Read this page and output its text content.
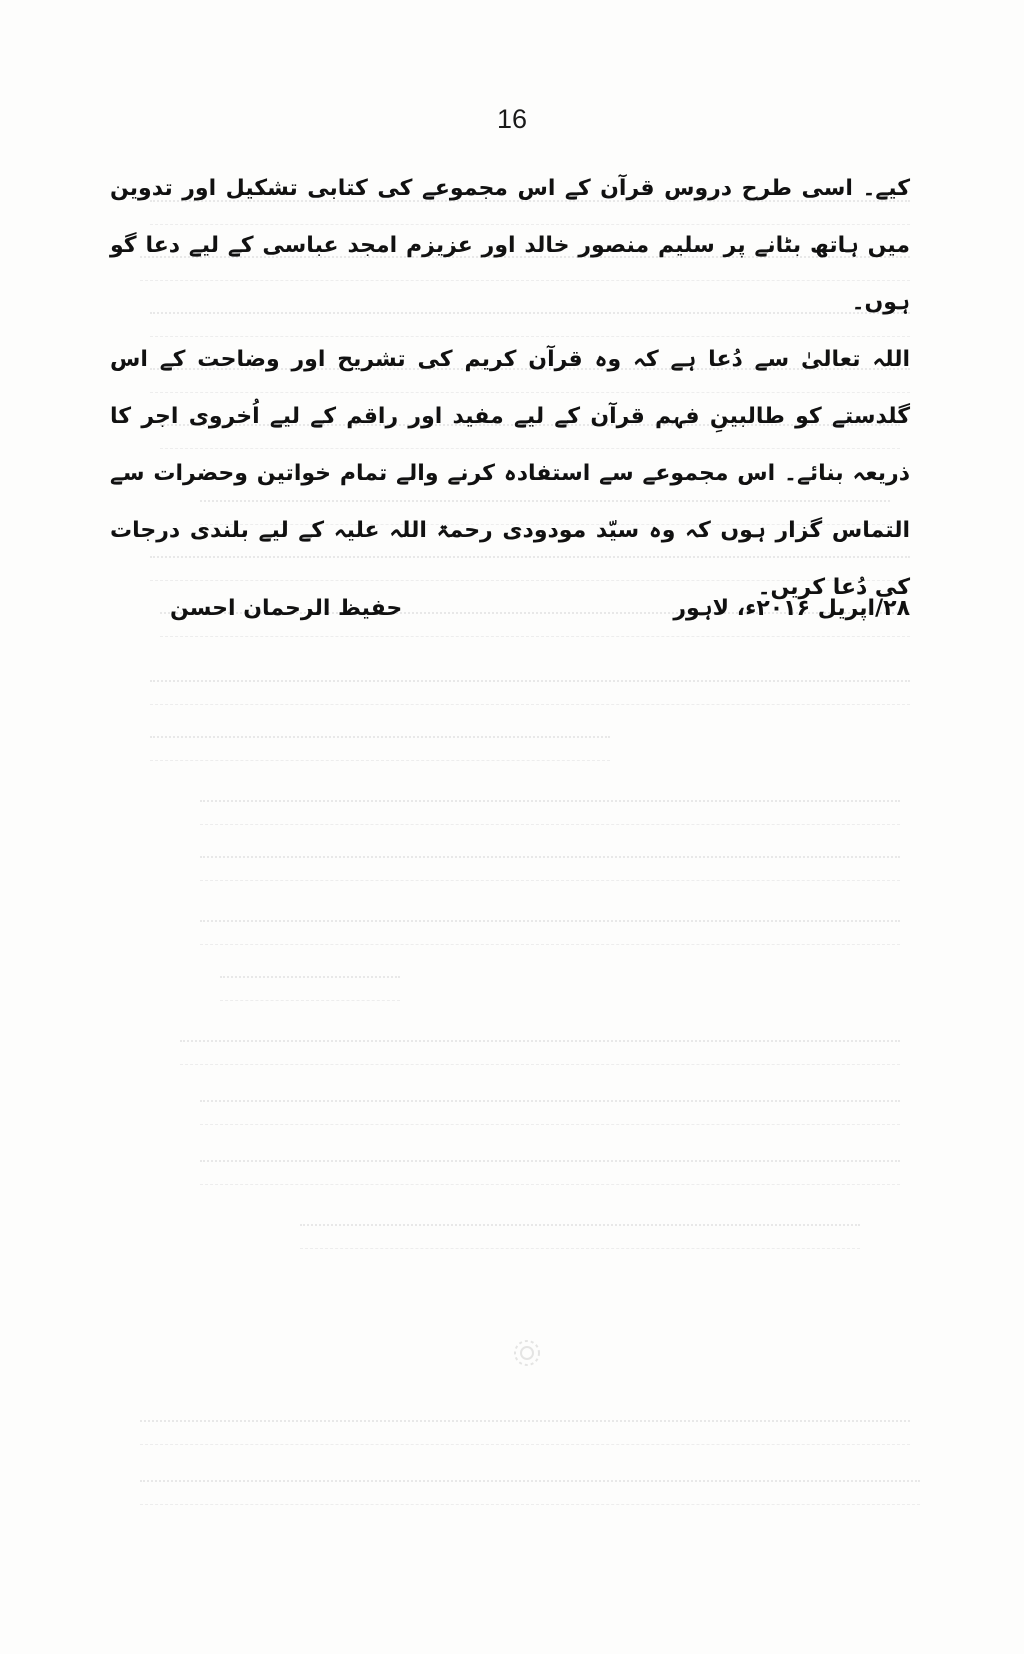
16

کیے۔ اسی طرح دروس قرآن کے اس مجموعے کی کتابی تشکیل اور تدوین میں ہاتھ بٹانے پر سلیم منصور خالد اور عزیزم امجد عباسی کے لیے دعا گو ہوں۔

اللہ تعالیٰ سے دُعا ہے کہ وہ قرآن کریم کی تشریح اور وضاحت کے اس گلدستے کو طالبینِ فہم قرآن کے لیے مفید اور راقم کے لیے اُخروی اجر کا ذریعہ بنائے۔ اس مجموعے سے استفادہ کرنے والے تمام خواتین وحضرات سے التماس گزار ہوں کہ وہ سیّد مودودی رحمۃ اللہ علیہ کے لیے بلندی درجات کی دُعا کریں۔

۲۸/اپریل ۲۰۱۶ء، لاہور
حفیظ الرحمان احسن
